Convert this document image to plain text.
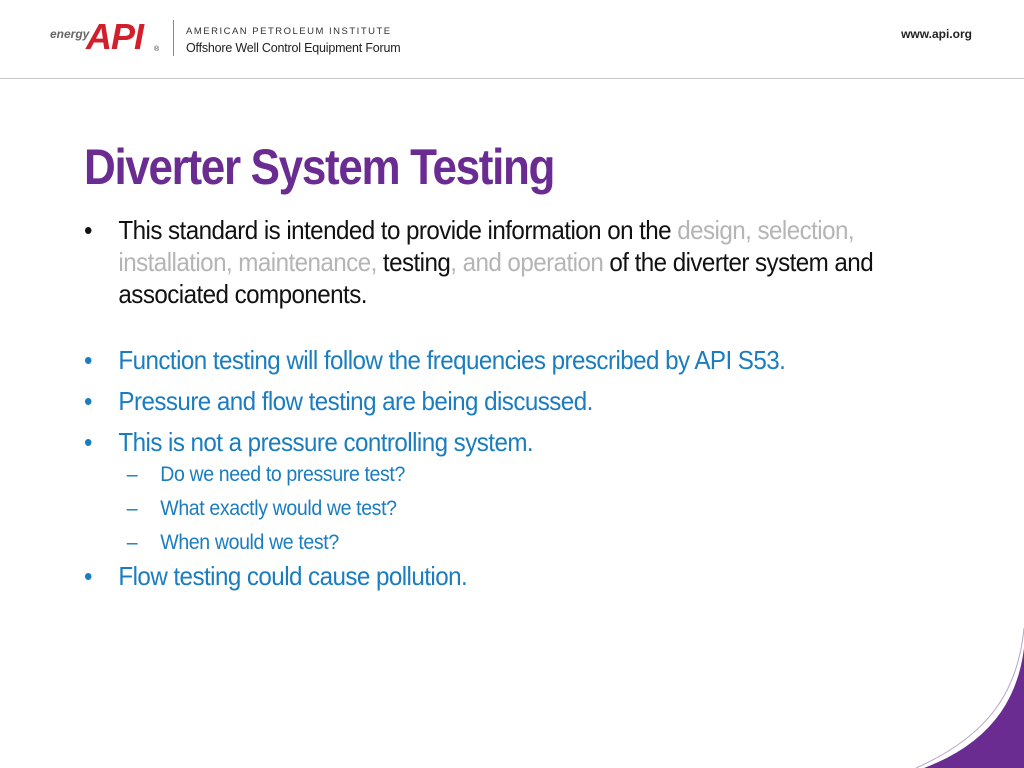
energy
API ®
AMERICAN PETROLEUM INSTITUTE
Offshore Well Control Equipment Forum
www.api.org
Diverter System Testing
• This standard is intended to provide information on the design, selection, installation, maintenance, testing, and operation of the diverter system and associated components.
• Function testing will follow the frequencies prescribed by API S53.
• Pressure and flow testing are being discussed.
• This is not a pressure controlling system.
– Do we need to pressure test?
– What exactly would we test?
– When would we test?
• Flow testing could cause pollution.
